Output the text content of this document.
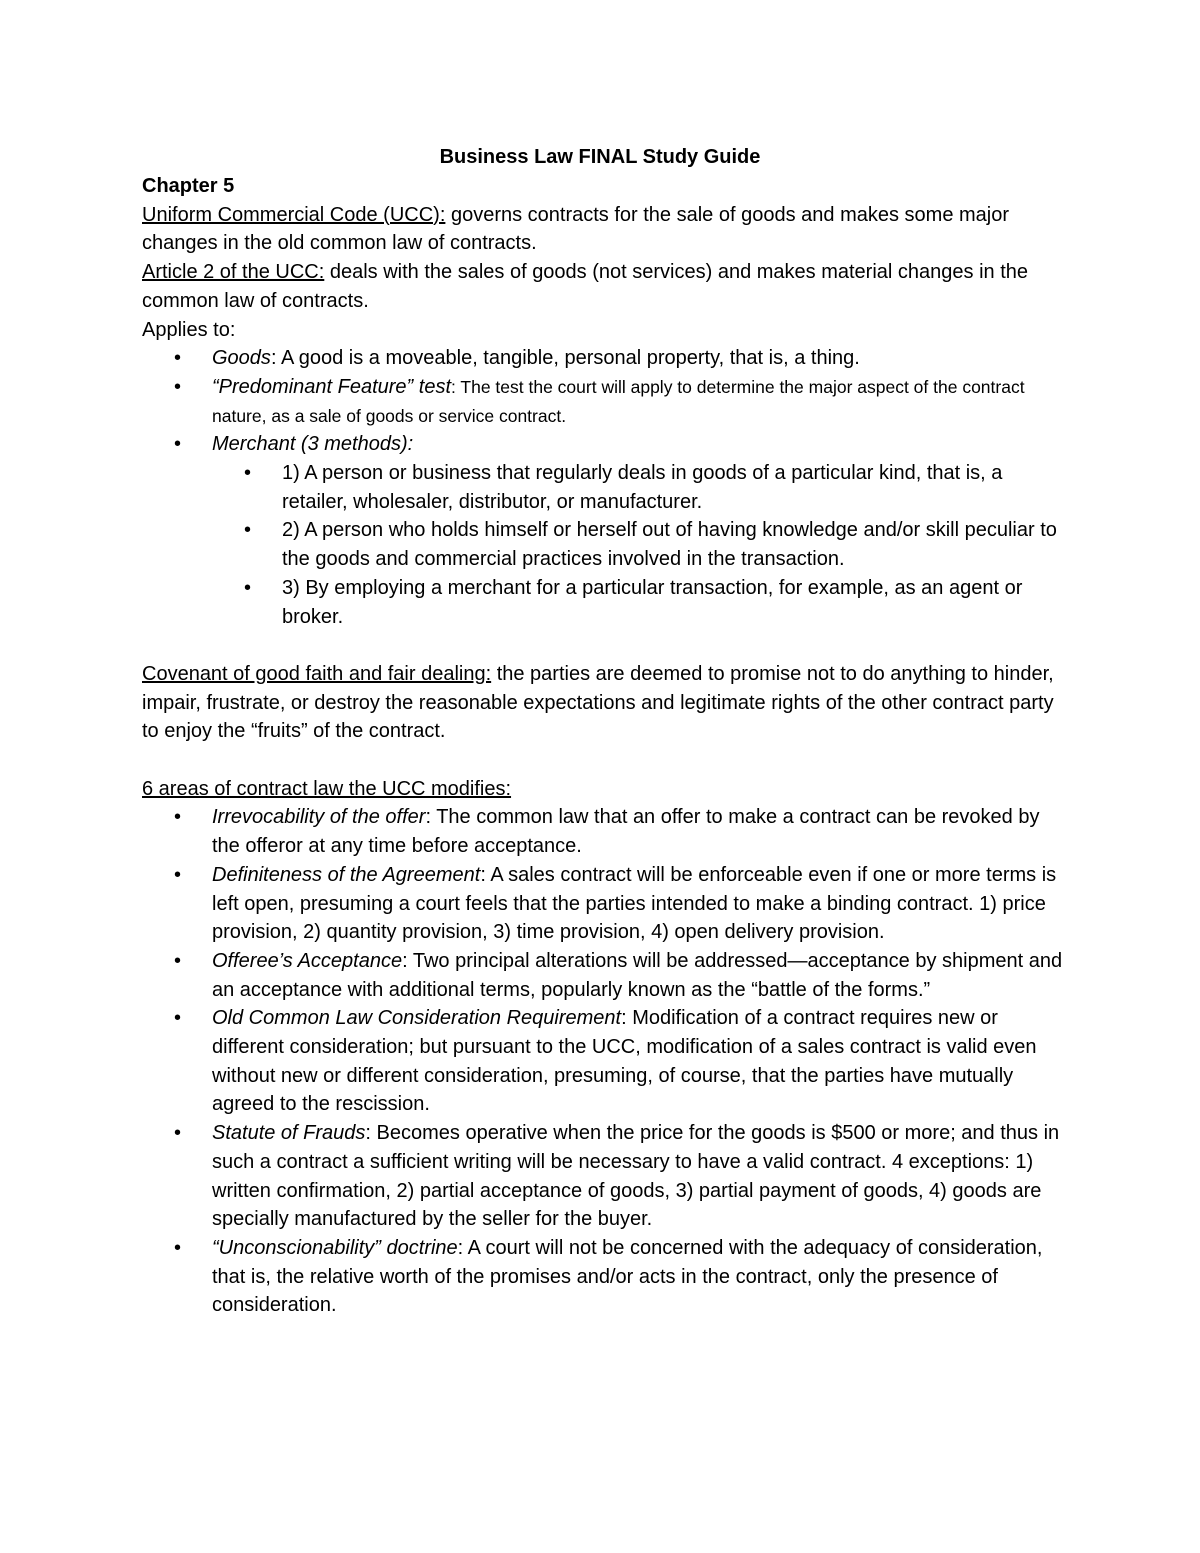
Business Law FINAL Study Guide

Chapter 5

Uniform Commercial Code (UCC): governs contracts for the sale of goods and makes some major changes in the old common law of contracts.

Article 2 of the UCC: deals with the sales of goods (not services) and makes material changes in the common law of contracts.

Applies to:

• Goods: A good is a moveable, tangible, personal property, that is, a thing.
• “Predominant Feature” test: The test the court will apply to determine the major aspect of the contract nature, as a sale of goods or service contract.
• Merchant (3 methods):
• 1) A person or business that regularly deals in goods of a particular kind, that is, a retailer, wholesaler, distributor, or manufacturer.
• 2) A person who holds himself or herself out of having knowledge and/or skill peculiar to the goods and commercial practices involved in the transaction.
• 3) By employing a merchant for a particular transaction, for example, as an agent or broker.

Covenant of good faith and fair dealing: the parties are deemed to promise not to do anything to hinder, impair, frustrate, or destroy the reasonable expectations and legitimate rights of the other contract party to enjoy the “fruits” of the contract.

6 areas of contract law the UCC modifies:

• Irrevocability of the offer: The common law that an offer to make a contract can be revoked by the offeror at any time before acceptance.
• Definiteness of the Agreement: A sales contract will be enforceable even if one or more terms is left open, presuming a court feels that the parties intended to make a binding contract. 1) price provision, 2) quantity provision, 3) time provision, 4) open delivery provision.
• Offeree’s Acceptance: Two principal alterations will be addressed—acceptance by shipment and an acceptance with additional terms, popularly known as the “battle of the forms.”
• Old Common Law Consideration Requirement: Modification of a contract requires new or different consideration; but pursuant to the UCC, modification of a sales contract is valid even without new or different consideration, presuming, of course, that the parties have mutually agreed to the rescission.
• Statute of Frauds: Becomes operative when the price for the goods is $500 or more; and thus in such a contract a sufficient writing will be necessary to have a valid contract. 4 exceptions: 1) written confirmation, 2) partial acceptance of goods, 3) partial payment of goods, 4) goods are specially manufactured by the seller for the buyer.
• “Unconscionability” doctrine: A court will not be concerned with the adequacy of consideration, that is, the relative worth of the promises and/or acts in the contract, only the presence of consideration.
